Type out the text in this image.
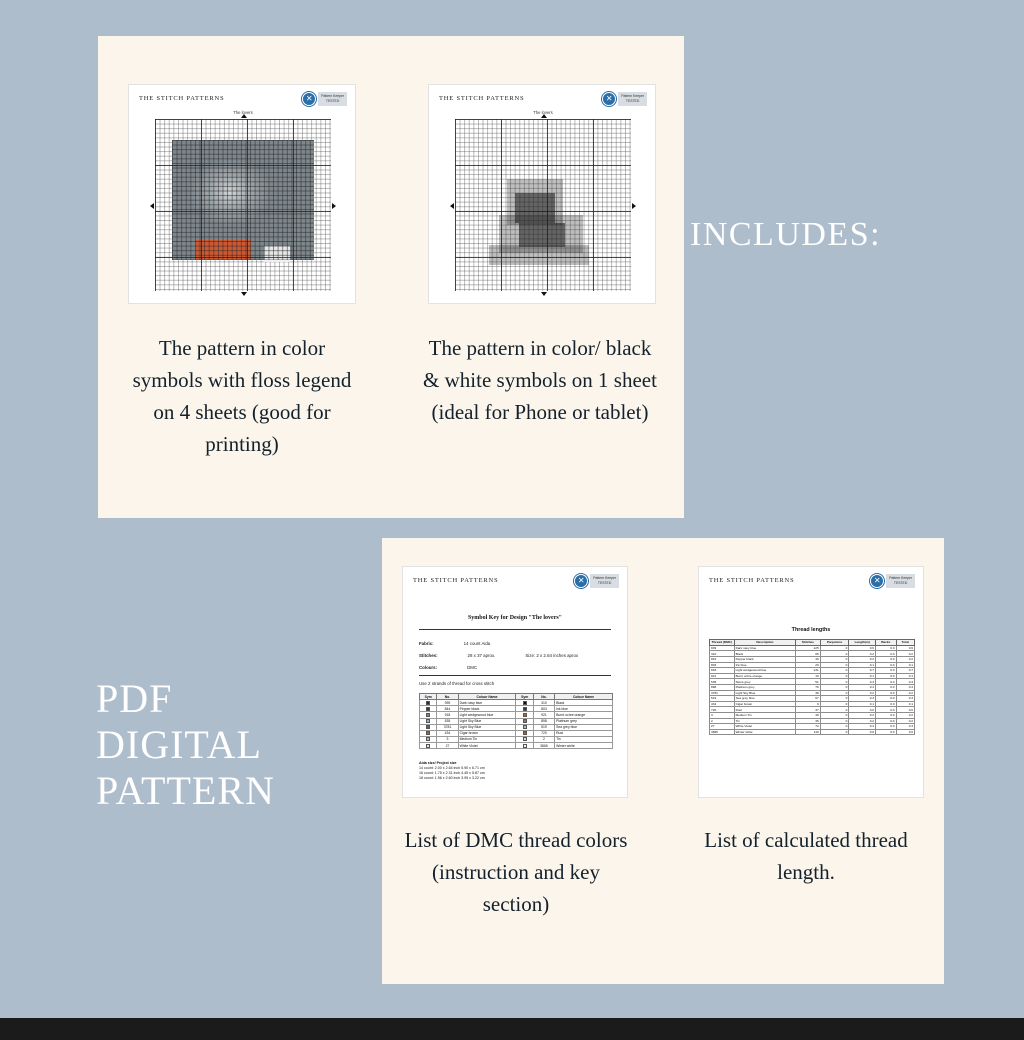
INCLUDES:
PDF
DIGITAL
PATTERN
THE STITCH PATTERNS	✕	Pattern Keeper
TESTED
The lovers
THE STITCH PATTERNS	✕	Pattern Keeper
TESTED
The lovers
THE STITCH PATTERNS	✕	Pattern Keeper
TESTED
Symbol Key for Design "The lovers"
Fabric:	14 count Aida
Stitches:	28 x 37 aprox.	Size: 2 x 2.64 inches aprox
Colours:	DMC
Use 2 strands of thread for cross stitch
Sym	No.	Colour Name	Sym	No.	Colour Name
	939	Dark navy blue		310	Black
	844	Pepper black		803	Ink blue
	918	Light wedgewood blue		921	Burnt ochre orange
	535	Light Sky Blue		898	Platinum grey
	3781	Light Sky Blue		519	Sea grey blue
	434	Cigar brown		720	Rust
	3	Medium Tin		2	Tin
	27	White Violet		3865	Winter white
Aida size/ Project size
14 count: 2.00 x 2.64 inch 5.90 x 6.71 cm
16 count: 1.75 x 2.31 inch 4.45 x 5.87 cm
18 count: 1.56 x 2.60 inch 3.95 x 3.22 cm
THE STITCH PATTERNS	✕	Pattern Keeper
TESTED
Thread lengths
Thread (DMC)	Description	Stitches	Parpuntos	Length(m)	Backs	Total
939	Dark navy blue	125	0	0.6	0.0	0.6
310	Black	66	0	0.2	0.0	0.2
844	Pepper black	46	0	0.2	0.0	0.2
803	Ink blue	29	0	0.1	0.0	0.1
918	Light wedgewood blue	131	0	0.7	0.0	0.7
921	Burnt ochre orange	19	0	0.1	0.0	0.1
535	Stone grey	51	0	0.3	0.0	0.3
898	Platinum grey	76	0	0.4	0.0	0.4
3781	Light Sky Blue	38	0	0.2	0.0	0.2
519	Sea grey blue	67	0	0.3	0.0	0.3
434	Cigar brown	9	0	0.1	0.0	0.1
720	Rust	37	0	0.0	0.0	0.0
3	Medium Tin	48	0	0.2	0.0	0.2
2	Tin	36	0	0.2	0.0	0.2
27	White Violet	72	0	0.4	0.0	0.4
3865	Winter white	110	0	0.6	0.0	0.6
The pattern in color symbols with floss legend on 4 sheets (good for printing)
The pattern in color/ black & white symbols on 1 sheet (ideal for Phone or tablet)
List of DMC thread colors (instruction and key section)
List of calculated thread length.
